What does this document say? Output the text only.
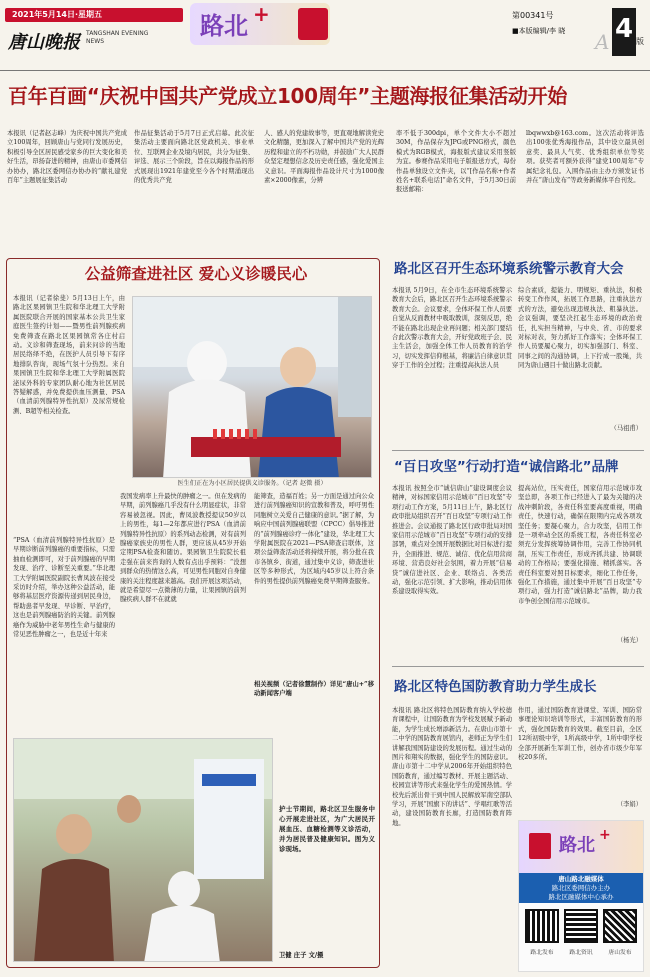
2021年5月14日·星期五
唐山晚报 TANGSHAN EVENING NEWS
路北 +	第00341号
■本版编辑/李 晓 A 4 版
百年百画“庆祝中国共产党成立100周年”主题海报征集活动开始
本报讯（记者赵志峰）为庆祝中国共产党成立100周年，回顾唐山与党同行发展历史，积极引导全区居民感受家乡的巨大变化和美好生活，昂扬奋进的精神，由唐山市委网信办协办，路北区委网信办协办的“献礼建党百年”主题展征集活动
作品征集活动于5月7日正式启幕。此次征集活动主要面向路北区党政机关、事业单位、互联网企业及境内居民，共分为征集、评选、展示三个阶段，旨在以海报作品的形式展现出1921年建党至今各个时期涌现出的优秀共产党
人、感人的党建故事等，更直观地解读党史文化精髓，更加深入了解中国共产党的光辉历程和建立的不朽功勋，并鼓励广大人民群众坚定理想信念及历史责任感，强化爱国主义意识。平面海报作品设计尺寸为1000像素×2000像素，分辨
率不低于300dpi，单个文件大小不超过30M，作品保存为JPG或PNG格式，颜色模式为RGB模式，海报版式建议采用竖版为宜。参赛作品采用电子版报送方式，每份作品单独设立文件夹，以“[作品名称+作者姓名+联系电话]”命名文件，于5月30日前报送邮箱：
lbqwwxb@163.com。这次活动将评选出100张优秀海报作品，其中设立最具创意奖、最具人气奖、优秀组织单位等奖项。获奖者可额外获得“建党100周年”专属纪念礼包。入围作品由主办方颁发证书并在“唐山发布”等政务新媒体平台刊发。
公益筛查进社区 爱心义诊暖民心
本报讯（记者徐斐）5月13日上午，由路北区果园镇卫生院和华北理工大学附属医院联合开展的国家基本公共卫生家庭医生签约计划——暨男性前列腺疾病免费筛查在路北区果园镇常各庄村启动。义诊和筛查现场，前来问诊的当地居民络绎不绝，在医护人员引导下有序地排队咨询，现场气氛十分热烈。来自果园镇卫生院和华北理工大学附属医院泌尿外科的专家团队耐心地为社区居民答疑解惑，并免费提供血压测量、PSA（血清前列腺特异性抗原）及尿常规检测、B超等相关检查。
“PSA（血清前列腺特异性抗原）是早期诊断前列腺癌的重要指标，只需抽血检测即可，对于前列腺癌的早期发现、治疗、诊断至关重要。”华北理工大学附属医院副院长曹凤波在接受采访时介绍，举办这种公益活动，能够将基层医疗资源传递到居民身边，帮助患者早发现、早诊断、早治疗，这也是前列腺癌防治的关键。前列腺癌作为威胁中老年男性生命与健康的常见恶性肿瘤之一，也是近十年来
医生们正在为小区居民提供义诊服务。（记者 赵微 摄）
我国发病率上升最快的肿瘤之一。但在发病的早期，前列腺癌几乎没有什么明显症状，非常容易被忽视。因此，曹凤波教授提议50岁以上的男性，每1—2年都应进行PSA（血清前列腺特异性抗原）的系列动态检测，对有前列腺癌家族史的男性人群，更应该从45岁开始定期PSA检查和随访。果园镇卫生院院长祖走强在前来咨询的人数有点出乎预料：“没想到群众的热情这么高，可见男性同胞对自身健康的关注程度越来越高。我们开展这项活动，就是希望尽一点微薄的力量，让果园镇的前列腺疾病人群不在就就
能筛查，造福百姓；另一方面是通过向公众进行前列腺癌知识的宣教和普及，呼吁男性同胞树立关爱自己健康的意识。”据了解，为响应中国前列腺癌联盟（CPCC）倡导推进的“前列腺癌诊疗一体化”建设，华北理工大学附属医院在2021—PSA筛查启联体，这项公益筛查活动还将持续开展，将分批在我市各镇乡、街道，通过集中义诊，筛查进社区等多种形式，为区域内45岁以上符合条件的男性提供前列腺癌免费早期筛查服务。
相关视频（记者徐慧制作）详见“唐山+”移动新闻客户端
护士节期间，路北区卫生服务中心开展走进社区，为广大居民开展血压、血糖检测等义诊活动，并为居民普及健康知识。图为义诊现场。
卫健 庄子 文/摄
路北区召开生态环境系统警示教育大会
本报讯 5月9日，在全市生态环境系统警示教育大会后，路北区召开生态环境系统警示教育大会。会议要求，全体环保工作人员要自觉从反面教材中吸取教训，深刻反思，绝不能在路北出现企业再问题；相关部门要结合此次警示教育大会，开好党政班子会、民主生活会，加强全体工作人员教育的治学习，切实发挥信仰根基，将廉洁自律意识贯穿于工作的全过程；注重提高执法人员
综合素质，提能力、明规矩、重执法，积极转变工作作风，拓展工作思路，注重执法方式的方法，避免出现违规执法、粗暴执法。会议强调，要坚决扛起生态环境的政治责任，扎实担当精神，与中央、省、市的要求对标对表，努力抓好工作落实；全体环保工作人员要履心聚力，切实加强部门、科室、同事之间的沟通协调，上下拧成一股绳，共同为唐山遇目十做出路北贡献。
（马祖甫）
“百日攻坚”行动打造“诚信路北”品牌
本报讯 按照全市“诚信唐山”建设调度会议精神，对标国家信用示范城市“百日攻坚”专项行动工作方案，5月11日上午，路北区行政审批局组织召开“百日攻坚”专项行动工作推进会。会议通报了路北区行政审批局对国家信用示范城市“百日攻坚”专项行动的安排部署，重点对全国开展数据比对目标进行提升，全面推进、规范、诚信、优化信用营商环境、营造良好社会氛围，着力开展“信易贷”诚信进社区、企业、联络点、各类活动，强化示范引领、扩大影响，推动信用体系建设取得实效。
提高站位，压实责任，国家信用示范城市攻坚总即，各项工作已经进入了最为关键的决战冲刺阶段，各责任科室要高度重视，明确责任，快速行动，确保在限期内完成各项攻坚任务；要凝心聚力，合力攻坚，信用工作是一项牵动全区的系统工程，各责任科室必须充分发挥统筹协调作用，完善工作协同机制，压实工作责任，形成齐抓共建、协调联动的工作格局；要强化措施、精抓落实。各责任科室要对照目标要求，细化工作任务，强化工作措施，通过集中开展“百日攻坚”专项行动，强力打造“诚信路北”品牌，助力我市争创全国信用示范城市。
（杨光）
路北区特色国防教育助力学生成长
本报讯 路北区将特色国防教育纳入学校德育课程中，让国防教育为学校发展赋予新动能，为学生成长增添新活力。在唐山市第十二中学的国防教育展馆内，老师正为学生们讲解我国国防建设的发展历程。通过生动的图片和翔实的数据，强化学生的国防意识。唐山市第十二中学从2006年开始组织特色国防教育，通过编写教材、开展主题活动、校园宣讲等形式来强化学生的爱国热情。学校先后派出骨干到中国人民解放军南空部队学习，开展“国旗下的讲话”、学唱红歌等活动，建设国防教育长廊，打造国防教育阵地。
作用，通过国防教育进课堂、军训、国防常事理论知识培训等形式，丰富国防教育的形式，强化国防教育的效果。截至目前，全区12所初级中学，1所高级中学，1所中职学校全部开展新生军训工作，创办省市级少年军校20多所。
（李娟）
路北 +
唐山路北融媒体
路北区委网信办主办
路北区融媒体中心承办
路北发布	路北资讯	唐山发布
